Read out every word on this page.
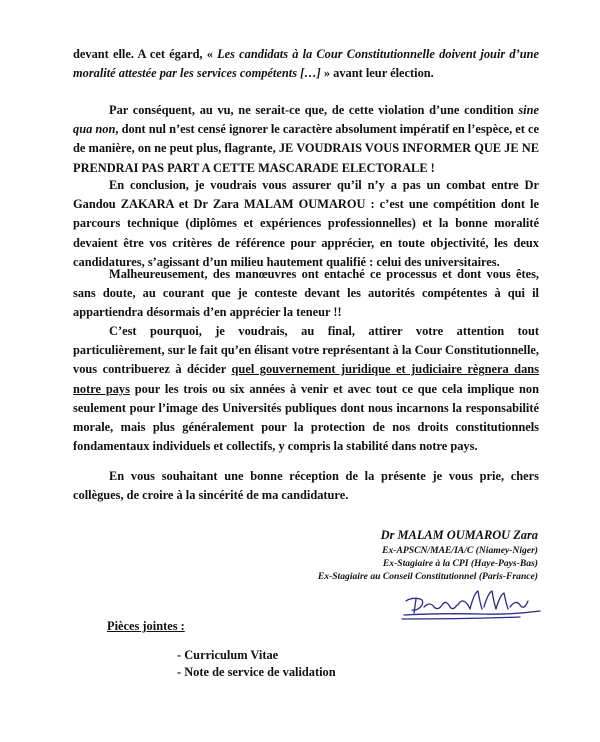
devant elle. A cet égard, « Les candidats à la Cour Constitutionnelle doivent jouir d’une moralité attestée par les services compétents […] » avant leur élection.

Par conséquent, au vu, ne serait-ce que, de cette violation d’une condition sine qua non, dont nul n’est censé ignorer le caractère absolument impératif en l’espèce, et ce de manière, on ne peut plus, flagrante, JE VOUDRAIS VOUS INFORMER QUE JE NE PRENDRAI PAS PART A CETTE MASCARADE ELECTORALE !

En conclusion, je voudrais vous assurer qu’il n’y a pas un combat entre Dr Gandou ZAKARA et Dr Zara MALAM OUMAROU : c’est une compétition dont le parcours technique (diplômes et expériences professionnelles) et la bonne moralité devaient être vos critères de référence pour apprécier, en toute objectivité, les deux candidatures, s’agissant d’un milieu hautement qualifié : celui des universitaires.

Malheureusement, des manœuvres ont entaché ce processus et dont vous êtes, sans doute, au courant que je conteste devant les autorités compétentes à qui il appartiendra désormais d’en apprécier la teneur !!

C’est pourquoi, je voudrais, au final, attirer votre attention tout particulièrement, sur le fait qu’en élisant votre représentant à la Cour Constitutionnelle, vous contribuerez à décider quel gouvernement juridique et judiciaire règnera dans notre pays pour les trois ou six années à venir et avec tout ce que cela implique non seulement pour l’image des Universités publiques dont nous incarnons la responsabilité morale, mais plus généralement pour la protection de nos droits constitutionnels fondamentaux individuels et collectifs, y compris la stabilité dans notre pays.

En vous souhaitant une bonne réception de la présente je vous prie, chers collègues, de croire à la sincérité de ma candidature.

Dr MALAM OUMAROU Zara

Ex-APSCN/MAE/IA/C (Niamey-Niger)

Ex-Stagiaire à la CPI (Haye-Pays-Bas)

Ex-Stagiaire au Conseil Constitutionnel (Paris-France)

Pièces jointes :

- Curriculum Vitae
- Note de service de validation
